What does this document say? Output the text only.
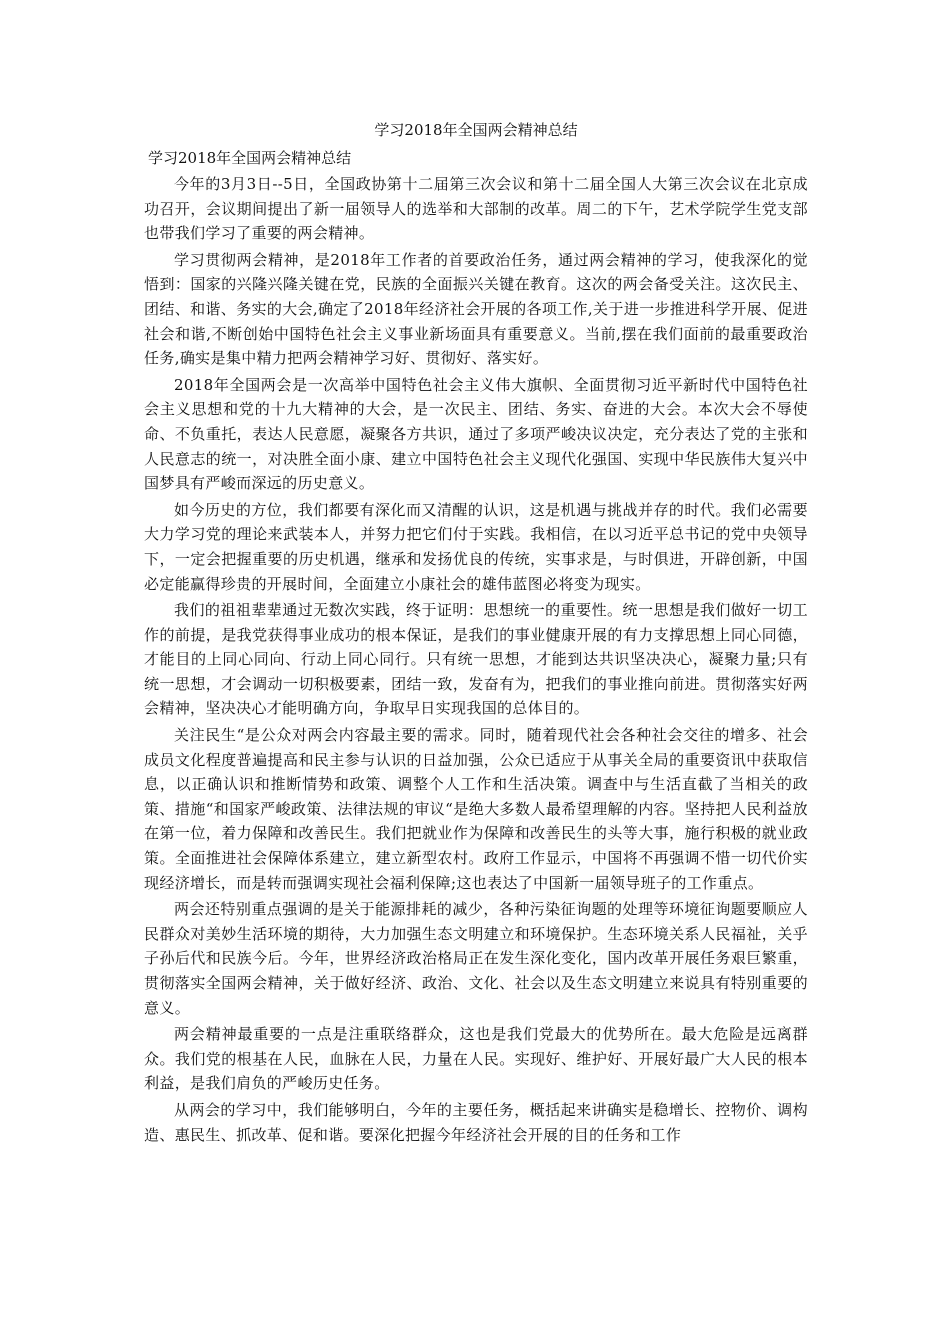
学习2018年全国两会精神总结
学习2018年全国两会精神总结

今年的3月3日--5日，全国政协第十二届第三次会议和第十二届全国人大第三次会议在北京成功召开，会议期间提出了新一届领导人的选举和大部制的改革。周二的下午，艺术学院学生党支部也带我们学习了重要的两会精神。

学习贯彻两会精神，是2018年工作者的首要政治任务，通过两会精神的学习，使我深化的觉悟到：国家的兴隆兴隆关键在党，民族的全面振兴关键在教育。这次的两会备受关注。这次民主、团结、和谐、务实的大会,确定了2018年经济社会开展的各项工作,关于进一步推进科学开展、促进社会和谐,不断创始中国特色社会主义事业新场面具有重要意义。当前,摆在我们面前的最重要政治任务,确实是集中精力把两会精神学习好、贯彻好、落实好。

2018年全国两会是一次高举中国特色社会主义伟大旗帜、全面贯彻习近平新时代中国特色社会主义思想和党的十九大精神的大会，是一次民主、团结、务实、奋进的大会。本次大会不辱使命、不负重托，表达人民意愿，凝聚各方共识，通过了多项严峻决议决定，充分表达了党的主张和人民意志的统一，对决胜全面小康、建立中国特色社会主义现代化强国、实现中华民族伟大复兴中国梦具有严峻而深远的历史意义。

如今历史的方位，我们都要有深化而又清醒的认识，这是机遇与挑战并存的时代。我们必需要大力学习党的理论来武装本人，并努力把它们付于实践。我相信，在以习近平总书记的党中央领导下，一定会把握重要的历史机遇，继承和发扬优良的传统，实事求是，与时俱进，开辟创新，中国必定能赢得珍贵的开展时间，全面建立小康社会的雄伟蓝图必将变为现实。

我们的祖祖辈辈通过无数次实践，终于证明：思想统一的重要性。统一思想是我们做好一切工作的前提，是我党获得事业成功的根本保证，是我们的事业健康开展的有力支撑思想上同心同德，才能目的上同心同向、行动上同心同行。只有统一思想，才能到达共识坚决决心，凝聚力量;只有统一思想，才会调动一切积极要素，团结一致，发奋有为，把我们的事业推向前进。贯彻落实好两会精神，坚决决心才能明确方向，争取早日实现我国的总体目的。

关注民生“是公众对两会内容最主要的需求。同时，随着现代社会各种社会交往的增多、社会成员文化程度普遍提高和民主参与认识的日益加强，公众已适应于从事关全局的重要资讯中获取信息，以正确认识和推断情势和政策、调整个人工作和生活决策。调查中与生活直截了当相关的政策、措施“和国家严峻政策、法律法规的审议“是绝大多数人最希望理解的内容。坚持把人民利益放在第一位，着力保障和改善民生。我们把就业作为保障和改善民生的头等大事，施行积极的就业政策。全面推进社会保障体系建立，建立新型农村。政府工作显示，中国将不再强调不惜一切代价实现经济增长，而是转而强调实现社会福利保障;这也表达了中国新一届领导班子的工作重点。

两会还特别重点强调的是关于能源排耗的减少，各种污染征询题的处理等环境征询题要顺应人民群众对美妙生活环境的期待，大力加强生态文明建立和环境保护。生态环境关系人民福祉，关乎子孙后代和民族今后。今年，世界经济政治格局正在发生深化变化，国内改革开展任务艰巨繁重，贯彻落实全国两会精神，关于做好经济、政治、文化、社会以及生态文明建立来说具有特别重要的意义。

两会精神最重要的一点是注重联络群众，这也是我们党最大的优势所在。最大危险是远离群众。我们党的根基在人民，血脉在人民，力量在人民。实现好、维护好、开展好最广大人民的根本利益，是我们肩负的严峻历史任务。

从两会的学习中，我们能够明白，今年的主要任务，概括起来讲确实是稳增长、控物价、调构造、惠民生、抓改革、促和谐。要深化把握今年经济社会开展的目的任务和工作
